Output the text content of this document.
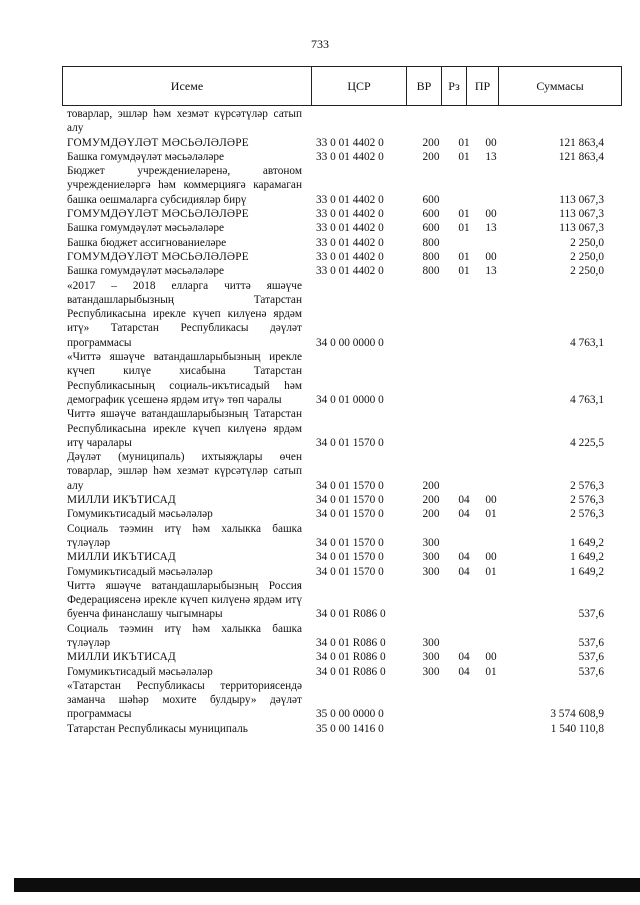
733
Исеме	ЦСР	ВР	Рз	ПР	Суммасы
товарлар, эшләр һәм хезмәт күрсәтүләр сатып алу
ГОМУМДӘҮЛӘТ МӘСЬӘЛӘЛӘРЕ	33 0 01 4402 0	200	01 00	121 863,4
Башка гомумдәүләт мәсьәләләре	33 0 01 4402 0	200	01 13	121 863,4
Бюджет учреждениеләренә, автоном учреждениеләргә һәм коммерциягә карамаган башка оешмаларга субсидияләр бирү	33 0 01 4402 0	600	113 067,3
ГОМУМДӘҮЛӘТ МӘСЬӘЛӘЛӘРЕ	33 0 01 4402 0	600	01 00	113 067,3
Башка гомумдәүләт мәсьәләләре	33 0 01 4402 0	600	01 13	113 067,3
Башка бюджет ассигнованиеләре	33 0 01 4402 0	800	2 250,0
ГОМУМДӘҮЛӘТ МӘСЬӘЛӘЛӘРЕ	33 0 01 4402 0	800	01 00	2 250,0
Башка гомумдәүләт мәсьәләләре	33 0 01 4402 0	800	01 13	2 250,0
«2017 – 2018 елларга читтә яшәүче ватандашларыбызның Татарстан Республикасына ирекле күчеп килүенә ярдәм итү» Татарстан Республикасы дәүләт программасы	34 0 00 0000 0	4 763,1
«Читтә яшәүче ватандашларыбызның ирекле күчеп килүе хисабына Татарстан Республикасының социаль-икътисадый һәм демографик үсешенә ярдәм итү» төп чаралы	34 0 01 0000 0	4 763,1
Читтә яшәүче ватандашларыбызның Татарстан Республикасына ирекле күчеп килүенә ярдәм итү чаралары	34 0 01 1570 0	4 225,5
Дәүләт (муниципаль) ихтыяҗлары өчен товарлар, эшләр һәм хезмәт күрсәтүләр сатып алу	34 0 01 1570 0	200	2 576,3
МИЛЛИ ИКЪТИСАД	34 0 01 1570 0	200	04 00	2 576,3
Гомумикътисадый мәсьәләләр	34 0 01 1570 0	200	04 01	2 576,3
Социаль тәэмин итү һәм халыкка башка түләүләр	34 0 01 1570 0	300	1 649,2
МИЛЛИ ИКЪТИСАД	34 0 01 1570 0	300	04 00	1 649,2
Гомумикътисадый мәсьәләләр	34 0 01 1570 0	300	04 01	1 649,2
Читтә яшәүче ватандашларыбызның Россия Федерациясенә ирекле күчеп килүенә ярдәм итү буенча финанслашу чыгымнары	34 0 01 R086 0	537,6
Социаль тәэмин итү һәм халыкка башка түләүләр	34 0 01 R086 0	300	537,6
МИЛЛИ ИКЪТИСАД	34 0 01 R086 0	300	04 00	537,6
Гомумикътисадый мәсьәләләр	34 0 01 R086 0	300	04 01	537,6
«Татарстан Республикасы территориясендә заманча шәһәр мохите булдыру» дәүләт программасы	35 0 00 0000 0	3 574 608,9
Татарстан Республикасы муниципаль	35 0 00 1416 0	1 540 110,8
